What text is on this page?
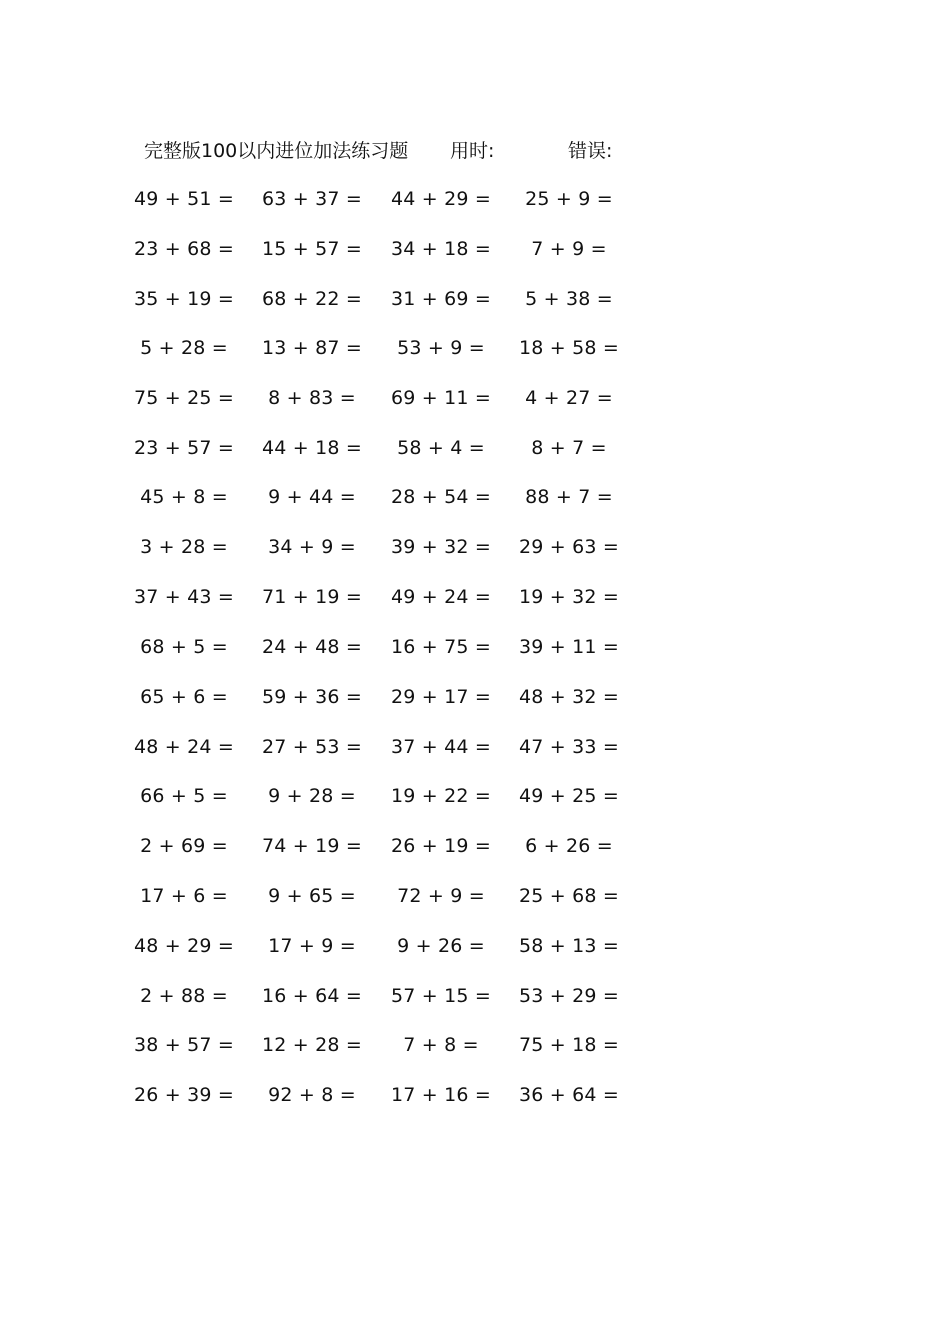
完整版100以内进位加法练习题 用时:	错误:
49 + 51 = 63 + 37 = 44 + 29 =	25 + 9 =
23 + 68 = 15 + 57 = 34 + 18 =	7 + 9 =
35 + 19 = 68 + 22 = 31 + 69 =	5 + 38 =
5 + 28 =	13 + 87 =	53 + 9 =	18 + 58 =
75 + 25 =	8 + 83 =	69 + 11 =	4 + 27 =
23 + 57 = 44 + 18 =	58 + 4 =	8 + 7 =
45 + 8 =	9 + 44 =	28 + 54 =	88 + 7 =
3 + 28 =	34 + 9 =	39 + 32 = 29 + 63 =
37 + 43 = 71 + 19 = 49 + 24 = 19 + 32 =
68 + 5 =	24 + 48 = 16 + 75 = 39 + 11 =
65 + 6 =	59 + 36 = 29 + 17 = 48 + 32 =
48 + 24 = 27 + 53 = 37 + 44 = 47 + 33 =
66 + 5 =	9 + 28 =	19 + 22 = 49 + 25 =
2 + 69 =	74 + 19 = 26 + 19 =	6 + 26 =
17 + 6 =	9 + 65 =	72 + 9 =	25 + 68 =
48 + 29 =	17 + 9 =	9 + 26 =	58 + 13 =
2 + 88 =	16 + 64 = 57 + 15 = 53 + 29 =
38 + 57 = 12 + 28 =	7 + 8 =	75 + 18 =
26 + 39 =	92 + 8 =	17 + 16 = 36 + 64 =
